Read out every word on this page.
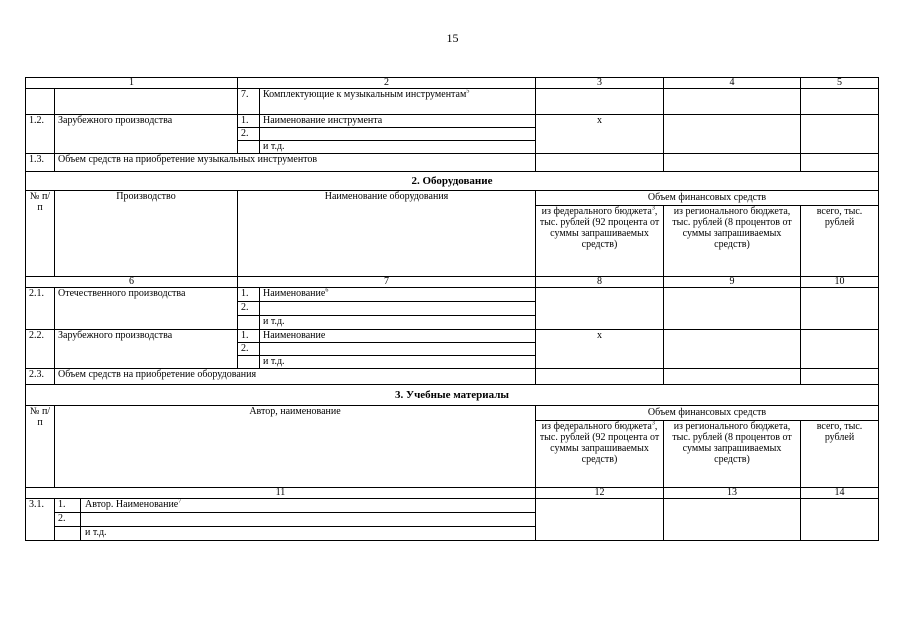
15
1		2		3	4	5
		7.	Комплектующие к музыкальным инструментам$^5$			
1.2.	Зарубежного производства	1.	Наименование инструмента	х		
		2.				
			и т.д.			
1.3.	Объем средств на приобретение музыкальных инструментов					
2. Оборудование						
№ п/п	Производство	Наименование оборудования		Объем финансовых средств		
				из федерального бюджета$^3$, тыс. рублей (92 процента от суммы запрашиваемых средств)	из регионального бюджета, тыс. рублей (8 процентов от суммы запрашиваемых средств)	всего, тыс. рублей
6		7		8	9	10
2.1.	Отечественного производства	1.	Наименование$^6$			
		2.				
			и т.д.			
2.2.	Зарубежного производства	1.	Наименование	х		
		2.				
			и т.д.			
2.3.	Объем средств на приобретение оборудования					
3. Учебные материалы						
№ п/п	Автор, наименование			Объем финансовых средств		
				из федерального бюджета$^3$, тыс. рублей (92 процента от суммы запрашиваемых средств)	из регионального бюджета, тыс. рублей (8 процентов от суммы запрашиваемых средств)	всего, тыс. рублей
11				12	13	14
3.1.	1. Автор. Наименование$^7$

	2.					

	и т.д.					
